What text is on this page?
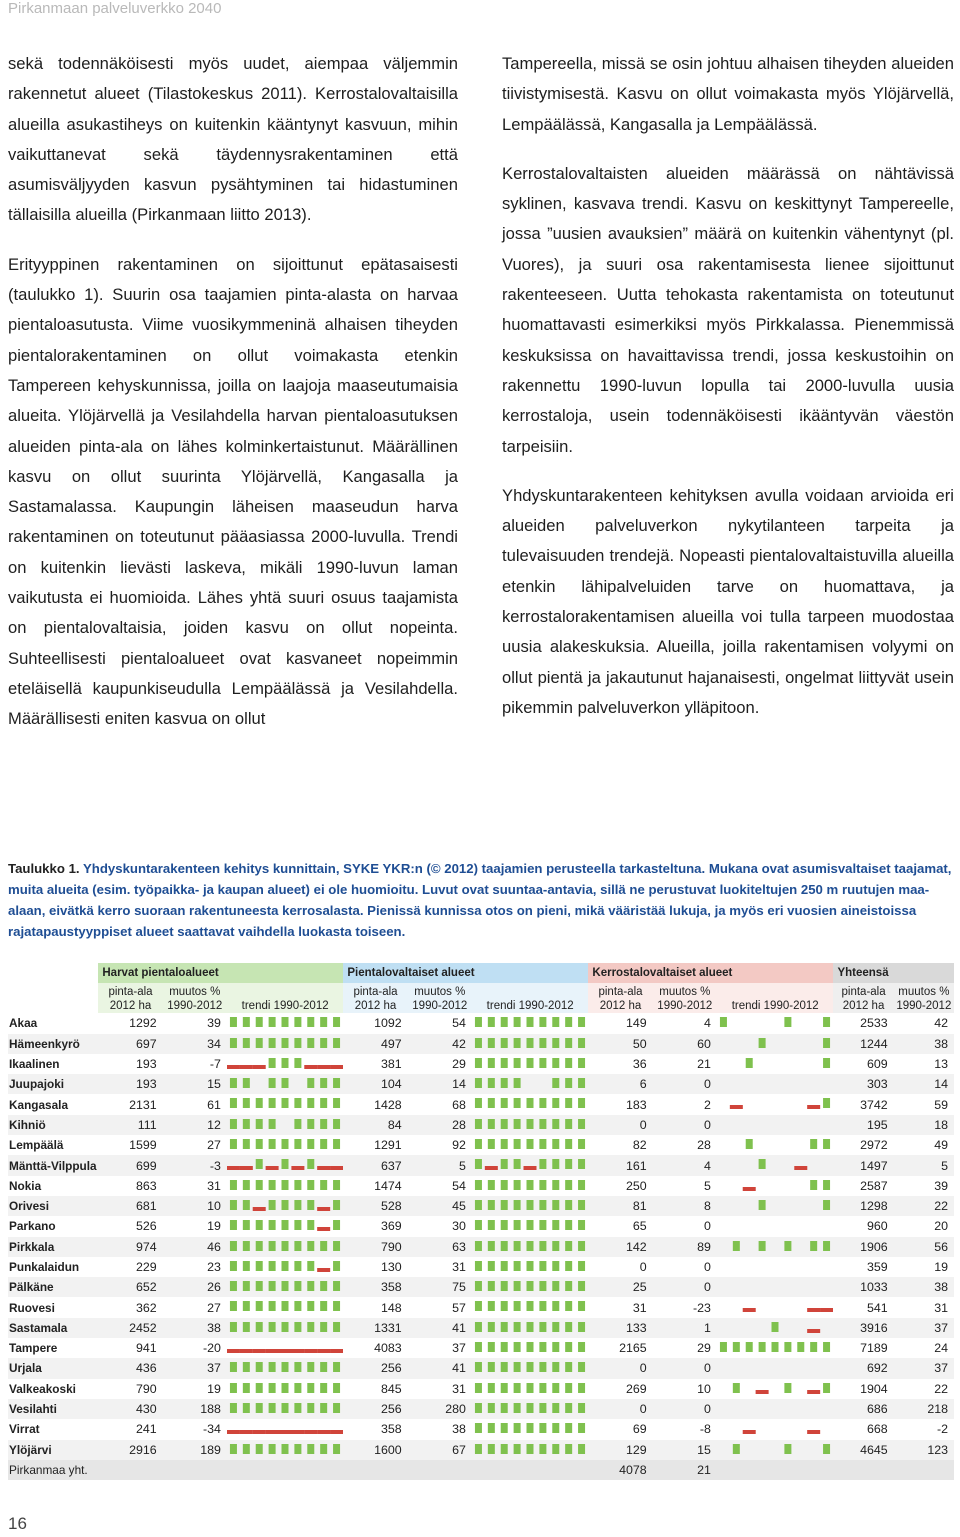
Pirkanmaan palveluverkko 2040

sekä todennäköisesti myös uudet, aiempaa väljemmin rakennetut alueet (Tilastokeskus 2011). Kerrostalovaltaisilla alueilla asukastiheys on kuitenkin kääntynyt kasvuun, mihin vaikuttanevat sekä täydennysrakentaminen että asumisväljyyden kasvun pysähtyminen tai hidastuminen tällaisilla alueilla (Pirkanmaan liitto 2013).

Erityyppinen rakentaminen on sijoittunut epätasaisesti (taulukko 1). Suurin osa taajamien pinta-alasta on harvaa pientaloasutusta. Viime vuosikymmeninä alhaisen tiheyden pientalorakentaminen on ollut voimakasta etenkin Tampereen kehyskunnissa, joilla on laajoja maaseutumaisia alueita. Ylöjärvellä ja Vesilahdella harvan pientaloasutuksen alueiden pinta-ala on lähes kolminkertaistunut. Määrällinen kasvu on ollut suurinta Ylöjärvellä, Kangasalla ja Sastamalassa. Kaupungin läheisen maaseudun harva rakentaminen on toteutunut pääasiassa 2000-luvulla. Trendi on kuitenkin lievästi laskeva, mikäli 1990-luvun laman vaikutusta ei huomioida. Lähes yhtä suuri osuus taajamista on pientalovaltaisia, joiden kasvu on ollut nopeinta. Suhteellisesti pientaloalueet ovat kasvaneet nopeimmin eteläisellä kaupunkiseudulla Lempäälässä ja Vesilahdella. Määrällisesti eniten kasvua on ollut

Tampereella, missä se osin johtuu alhaisen tiheyden alueiden tiivistymisestä. Kasvu on ollut voimakasta myös Ylöjärvellä, Lempäälässä, Kangasalla ja Lempäälässä.

Kerrostalovaltaisten alueiden määrässä on nähtävissä syklinen, kasvava trendi. Kasvu on keskittynyt Tampereelle, jossa ”uusien avauksien” määrä on kuitenkin vähentynyt (pl. Vuores), ja suuri osa rakentamisesta lienee sijoittunut rakenteeseen. Uutta tehokasta rakentamista on toteutunut huomattavasti esimerkiksi myös Pirkkalassa. Pienemmissä keskuksissa on havaittavissa trendi, jossa keskustoihin on rakennettu 1990-luvun lopulla tai 2000-luvulla uusia kerrostaloja, usein todennäköisesti ikääntyvän väestön tarpeisiin.

Yhdyskuntarakenteen kehityksen avulla voidaan arvioida eri alueiden palveluverkon nykytilanteen tarpeita ja tulevaisuuden trendejä. Nopeasti pientalovaltaistuvilla alueilla etenkin lähipalveluiden tarve on huomattava, ja kerrostalorakentamisen alueilla voi tulla tarpeen muodostaa uusia alakeskuksia. Alueilla, joilla rakentamisen volyymi on ollut pientä ja jakautunut hajanaisesti, ongelmat liittyvät usein pikemmin palveluverkon ylläpitoon.

Taulukko 1. Yhdyskuntarakenteen kehitys kunnittain, SYKE YKR:n (© 2012) taajamien perusteella tarkasteltuna. Mukana ovat asumisvaltaiset taajamat, muita alueita (esim. työpaikka- ja kaupan alueet) ei ole huomioitu. Luvut ovat suuntaa-antavia, sillä ne perustuvat luokiteltujen 250 m ruutujen maa-alaan, eivätkä kerro suoraan rakentuneesta kerrosalasta. Pienissä kunnissa otos on pieni, mikä vääristää lukuja, ja myös eri vuosien aineistoissa rajatapaustyyppiset alueet saattavat vaihdella luokasta toiseen.
	Harvat pientaloalueet			Pientalovaltaiset alueet			Kerrostalovaltaiset alueet			Yhteensä	
	pinta-ala
2012 ha	muutos %
1990-2012	trendi 1990-2012	pinta-ala
2012 ha	muutos %
1990-2012	trendi 1990-2012	pinta-ala
2012 ha	muutos %
1990-2012	trendi 1990-2012	pinta-ala
2012 ha	muutos %
1990-2012
Akaa	1292	39		1092	54		149	4		2533	42
Hämeenkyrö	697	34		497	42		50	60		1244	38
Ikaalinen	193	-7		381	29		36	21		609	13
Juupajoki	193	15		104	14		6	0		303	14
Kangasala	2131	61		1428	68		183	2		3742	59
Kihniö	111	12		84	28		0	0		195	18
Lempäälä	1599	27		1291	92		82	28		2972	49
Mänttä-Vilppula	699	-3		637	5		161	4		1497	5
Nokia	863	31		1474	54		250	5		2587	39
Orivesi	681	10		528	45		81	8		1298	22
Parkano	526	19		369	30		65	0		960	20
Pirkkala	974	46		790	63		142	89		1906	56
Punkalaidun	229	23		130	31		0	0		359	19
Pälkäne	652	26		358	75		25	0		1033	38
Ruovesi	362	27		148	57		31	-23		541	31
Sastamala	2452	38		1331	41		133	1		3916	37
Tampere	941	-20		4083	37		2165	29		7189	24
Urjala	436	37		256	41		0	0		692	37
Valkeakoski	790	19		845	31		269	10		1904	22
Vesilahti	430	188		256	280		0	0		686	218
Virrat	241	-34		358	38		69	-8		668	-2
Ylöjärvi	2916	189		1600	67		129	15		4645	123
Pirkanmaa yht.							4078	21	

16
